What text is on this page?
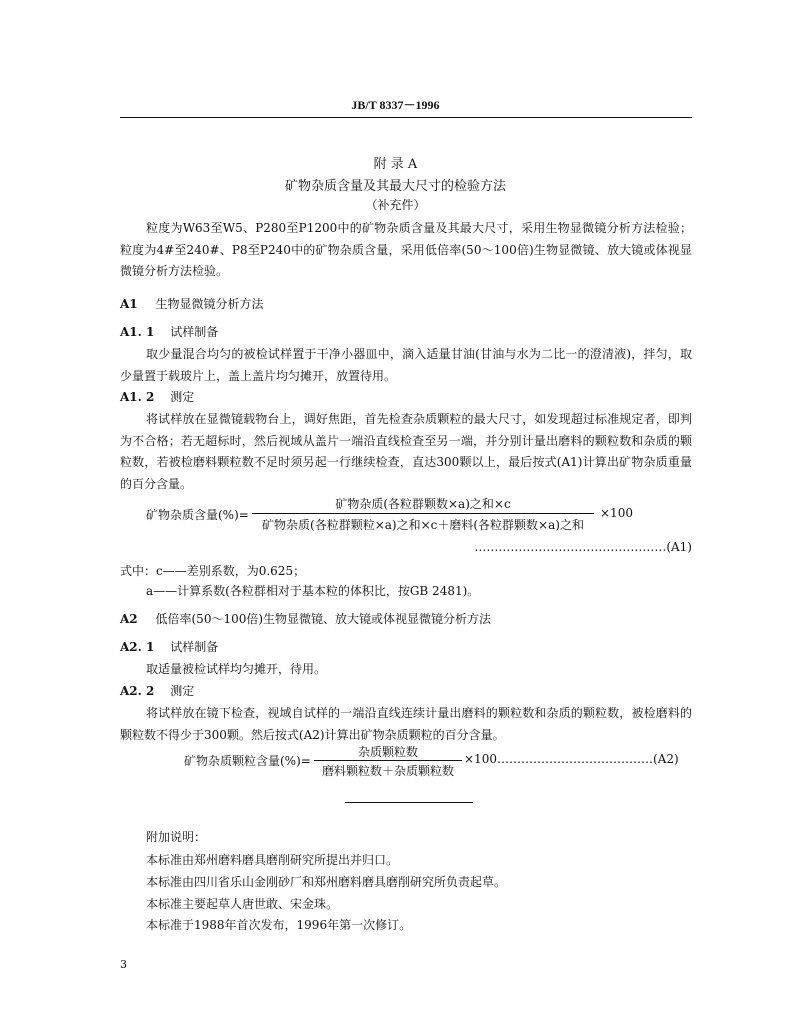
JB/T 8337－1996
附 录 A
矿物杂质含量及其最大尺寸的检验方法
（补充件）
粒度为W63至W5、P280至P1200中的矿物杂质含量及其最大尺寸，采用生物显微镜分析方法检验；粒度为4#至240#、P8至P240中的矿物杂质含量，采用低倍率(50～100倍)生物显微镜、放大镜或体视显微镜分析方法检验。
A1 生物显微镜分析方法
A1. 1 试样制备
取少量混合均匀的被检试样置于干净小器皿中，滴入适量甘油(甘油与水为二比一的澄清液)，拌匀，取少量置于载玻片上，盖上盖片均匀摊开，放置待用。
A1. 2 测定
将试样放在显微镜载物台上，调好焦距，首先检查杂质颗粒的最大尺寸，如发现超过标准规定者，即判为不合格；若无超标时，然后视域从盖片一端沿直线检查至另一端，并分别计量出磨料的颗粒数和杂质的颗粒数，若被检磨料颗粒数不足时须另起一行继续检查，直达300颗以上，最后按式(A1)计算出矿物杂质重量的百分含量。
矿物杂质含量(%)=
矿物杂质(各粒群颗数×a)之和×c
矿物杂质(各粒群颗粒×a)之和×c＋磨料(各粒群颗数×a)之和
×100
…………………………………………(A1)
式中：c——差别系数，为0.625；
a——计算系数(各粒群相对于基本粒的体积比，按GB 2481)。
A2 低倍率(50～100倍)生物显微镜、放大镜或体视显微镜分析方法
A2. 1 试样制备
取适量被检试样均匀摊开，待用。
A2. 2 测定
将试样放在镜下检查，视域自试样的一端沿直线连续计量出磨料的颗粒数和杂质的颗粒数，被检磨料的颗粒数不得少于300颗。然后按式(A2)计算出矿物杂质颗粒的百分含量。
矿物杂质颗粒含量(%)=
杂质颗粒数
磨料颗粒数＋杂质颗粒数
×100…………………………………(A2)
附加说明：
本标准由郑州磨料磨具磨削研究所提出并归口。
本标准由四川省乐山金刚砂厂和郑州磨料磨具磨削研究所负责起草。
本标准主要起草人唐世敢、宋金珠。
本标准于1988年首次发布，1996年第一次修订。
3
